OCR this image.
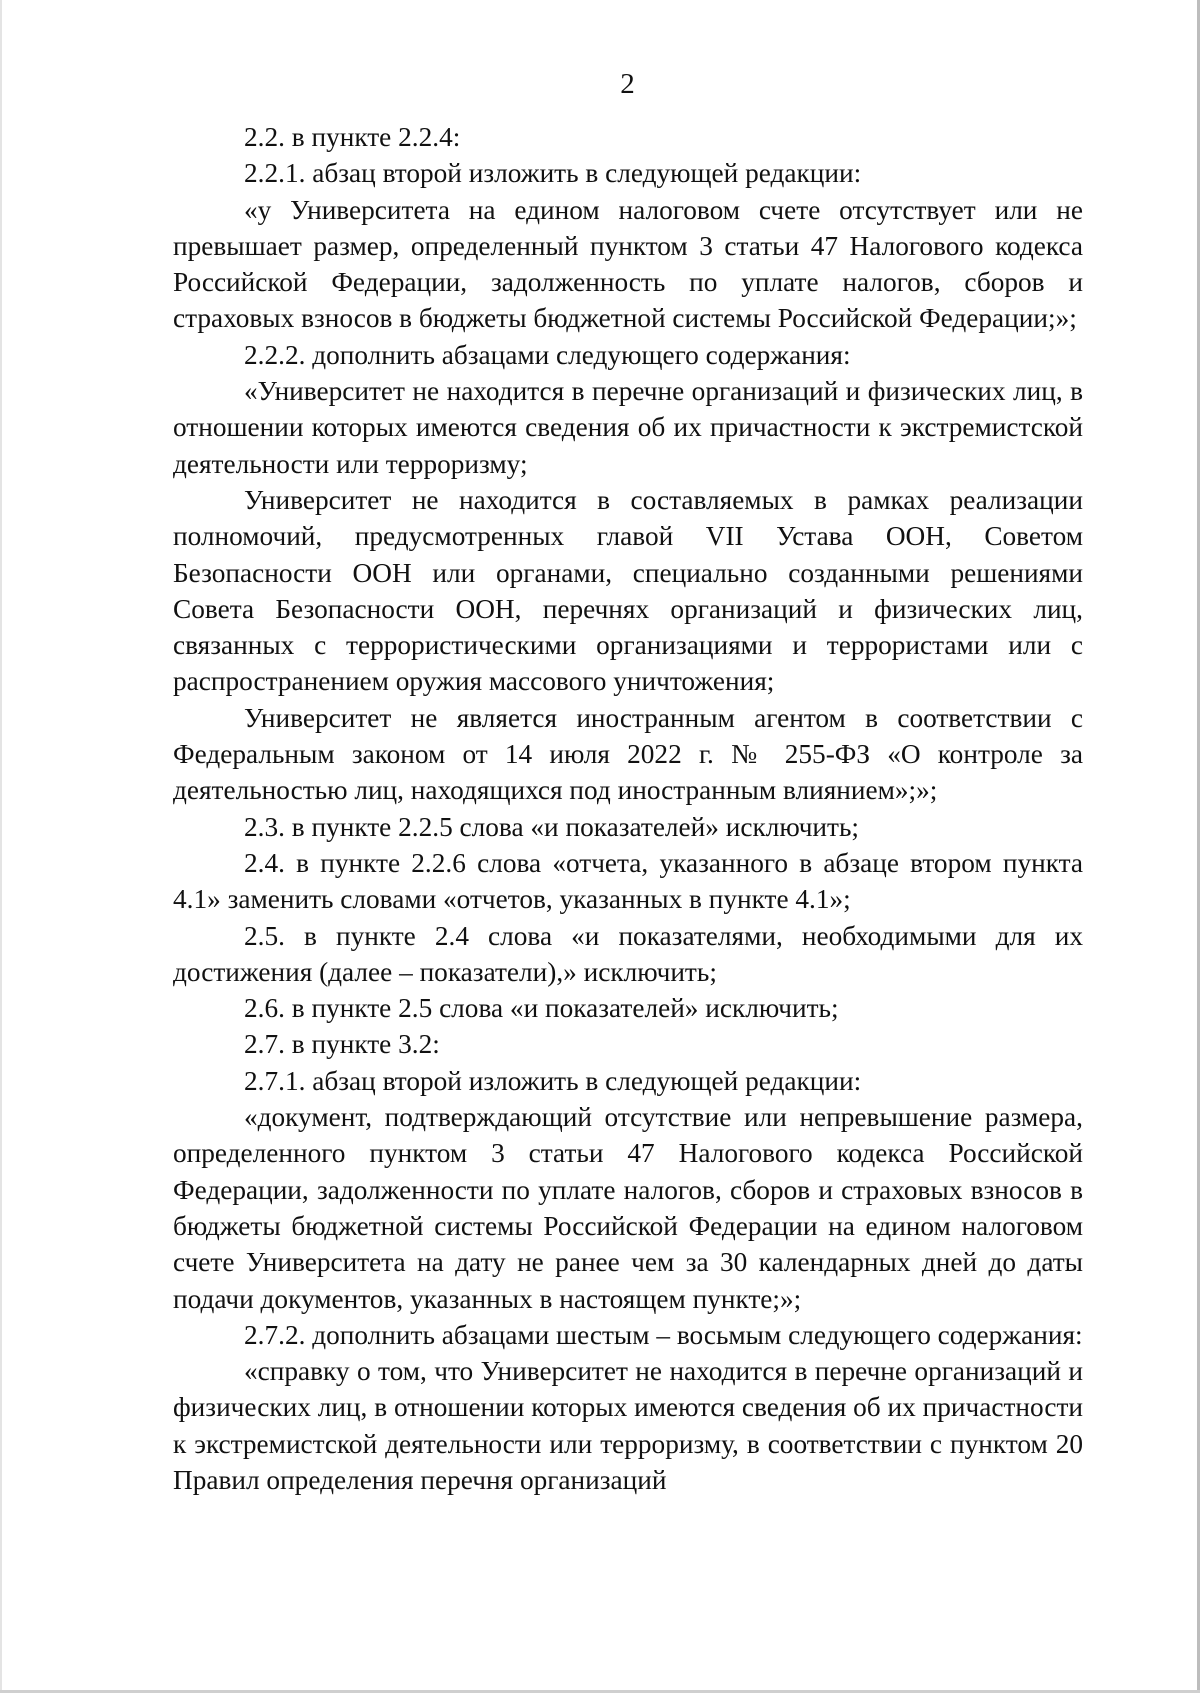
2

2.2. в пункте 2.2.4:

2.2.1. абзац второй изложить в следующей редакции:

«у Университета на едином налоговом счете отсутствует или не превышает размер, определенный пунктом 3 статьи 47 Налогового кодекса Российской Федерации, задолженность по уплате налогов, сборов и страховых взносов в бюджеты бюджетной системы Российской Федерации;»;

2.2.2. дополнить абзацами следующего содержания:

«Университет не находится в перечне организаций и физических лиц, в отношении которых имеются сведения об их причастности к экстремистской деятельности или терроризму;

Университет не находится в составляемых в рамках реализации полномочий, предусмотренных главой VII Устава ООН, Советом Безопасности ООН или органами, специально созданными решениями Совета Безопасности ООН, перечнях организаций и физических лиц, связанных с террористическими организациями и террористами или с распространением оружия массового уничтожения;

Университет не является иностранным агентом в соответствии с Федеральным законом от 14 июля 2022 г. № 255-ФЗ «О контроле за деятельностью лиц, находящихся под иностранным влиянием»;»;

2.3. в пункте 2.2.5 слова «и показателей» исключить;

2.4. в пункте 2.2.6 слова «отчета, указанного в абзаце втором пункта 4.1» заменить словами «отчетов, указанных в пункте 4.1»;

2.5. в пункте 2.4 слова «и показателями, необходимыми для их достижения (далее – показатели),» исключить;

2.6. в пункте 2.5 слова «и показателей» исключить;

2.7. в пункте 3.2:

2.7.1. абзац второй изложить в следующей редакции:

«документ, подтверждающий отсутствие или непревышение размера, определенного пунктом 3 статьи 47 Налогового кодекса Российской Федерации, задолженности по уплате налогов, сборов и страховых взносов в бюджеты бюджетной системы Российской Федерации на едином налоговом счете Университета на дату не ранее чем за 30 календарных дней до даты подачи документов, указанных в настоящем пункте;»;

2.7.2. дополнить абзацами шестым – восьмым следующего содержания:

«справку о том, что Университет не находится в перечне организаций и физических лиц, в отношении которых имеются сведения об их причастности к экстремистской деятельности или терроризму, в соответствии с пунктом 20 Правил определения перечня организаций
